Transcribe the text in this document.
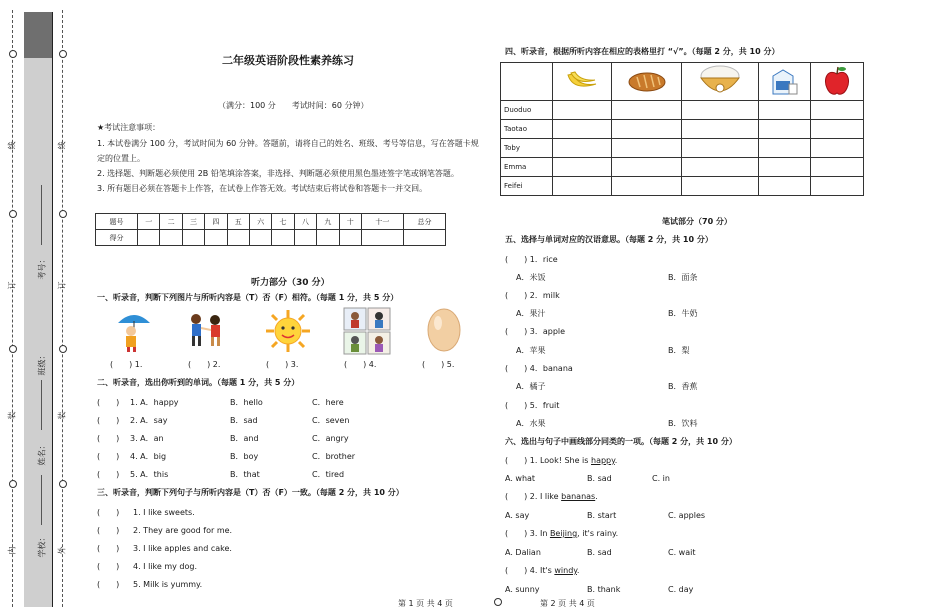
线
订
装
内
线
订
装
外
考号：
班级：
姓名：
学校：
二年级英语阶段性素养练习
（满分：100 分　　考试时间：60 分钟）
★考试注意事项：
1. 本试卷满分 100 分，考试时间为 60 分钟。答题前，请将自己的姓名、班级、考号等信息，写在答题卡规
定的位置上。
2. 选择题、判断题必须使用 2B 铅笔填涂答案，非选择、判断题必须使用黑色墨迹签字笔或钢笔答题。
3. 所有题目必须在答题卡上作答，在试卷上作答无效。考试结束后将试卷和答题卡一并交回。
题号	一	二	三	四	五	六	七	八	九	十	十一	总分
得分												
听力部分（30 分）
一、听录音，判断下列图片与所听内容是（T）否（F）相符。（每题 1 分，共 5 分）
(　　) 1.	(　　) 2.	(　　) 3.	(　　) 4.	(　　) 5.
二、听录音，选出你听到的单词。（每题 1 分，共 5 分）
(　　) 1. A．happy	B．hello	C．here
(　　) 2. A．say	B．sad	C．seven
(　　) 3. A．an	B．and	C．angry
(　　) 4. A．big	B．boy	C．brother
(　　) 5. A．this	B．that	C．tired
三、听录音，判断下列句子与所听内容是（T）否（F）一致。（每题 2 分，共 10 分）
(　　) 1. I like sweets.
(　　) 2. They are good for me.
(　　) 3. I like apples and cake.
(　　) 4. I like my dog.
(　　) 5. Milk is yummy.
第 1 页 共 4 页
四、听录音，根据所听内容在相应的表格里打 “√”。（每题 2 分，共 10 分）

Duoduo					
Taotao					
Toby					
Emma					
Feifei					
笔试部分（70 分）
五、选择与单词对应的汉语意思。（每题 2 分，共 10 分）
(　　) 1．rice
A．米饭	B．面条
(　　) 2．milk
A．果汁	B．牛奶
(　　) 3．apple
A．苹果	B．梨
(　　) 4．banana
A．橘子	B．香蕉
(　　) 5．fruit
A．水果	B．饮料
六、选出与句子中画线部分同类的一项。（每题 2 分，共 10 分）
(　　) 1. Look! She is happy.
A. what	B. sad	C. in
(　　) 2. I like bananas.
A. say	B. start	C. apples
(　　) 3. In Beijing, it's rainy.
A. Dalian	B. sad	C. wait
(　　) 4. It's windy.
A. sunny	B. thank	C. day
第 2 页 共 4 页
